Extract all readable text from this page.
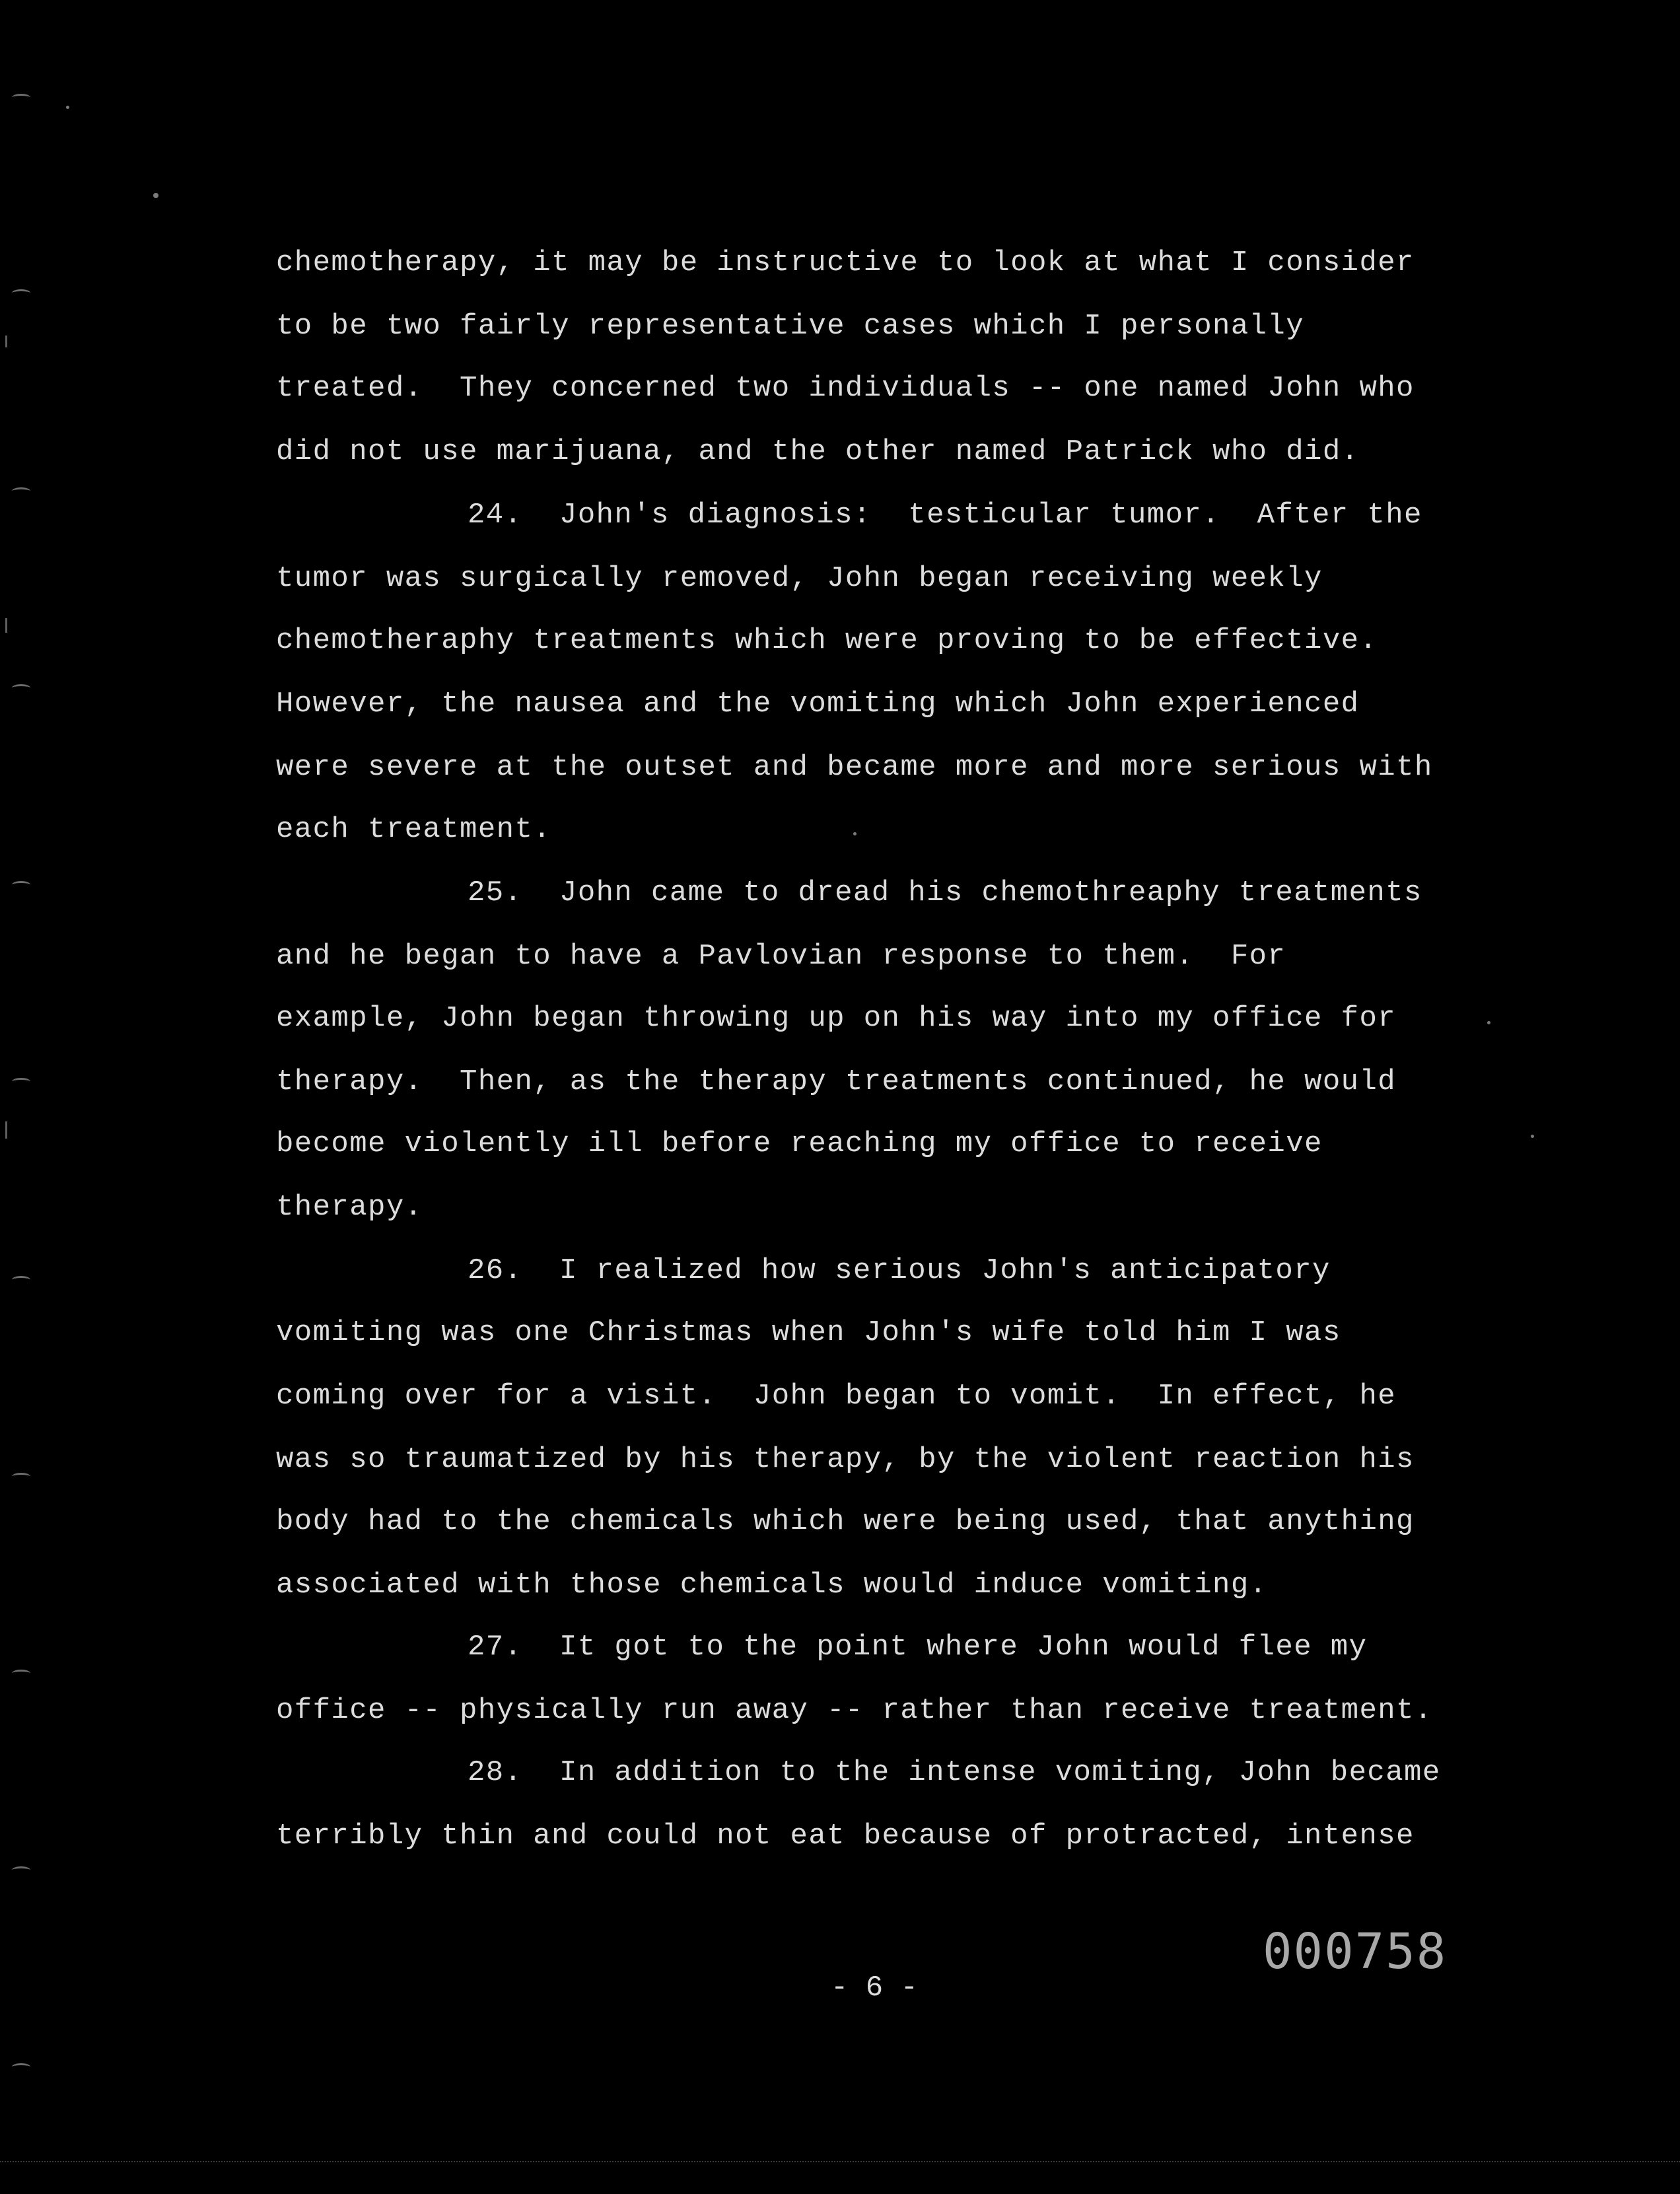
chemotherapy, it may be instructive to look at what I consider
to be two fairly representative cases which I personally
treated.  They concerned two individuals -- one named John who
did not use marijuana, and the other named Patrick who did.
24.  John's diagnosis:  testicular tumor.  After the
tumor was surgically removed, John began receiving weekly
chemotheraphy treatments which were proving to be effective.
However, the nausea and the vomiting which John experienced
were severe at the outset and became more and more serious with
each treatment.
25.  John came to dread his chemothreaphy treatments
and he began to have a Pavlovian response to them.  For
example, John began throwing up on his way into my office for
therapy.  Then, as the therapy treatments continued, he would
become violently ill before reaching my office to receive
therapy.
26.  I realized how serious John's anticipatory
vomiting was one Christmas when John's wife told him I was
coming over for a visit.  John began to vomit.  In effect, he
was so traumatized by his therapy, by the violent reaction his
body had to the chemicals which were being used, that anything
associated with those chemicals would induce vomiting.
27.  It got to the point where John would flee my
office -- physically run away -- rather than receive treatment.
28.  In addition to the intense vomiting, John became
terribly thin and could not eat because of protracted, intense
- 6 -
000758
